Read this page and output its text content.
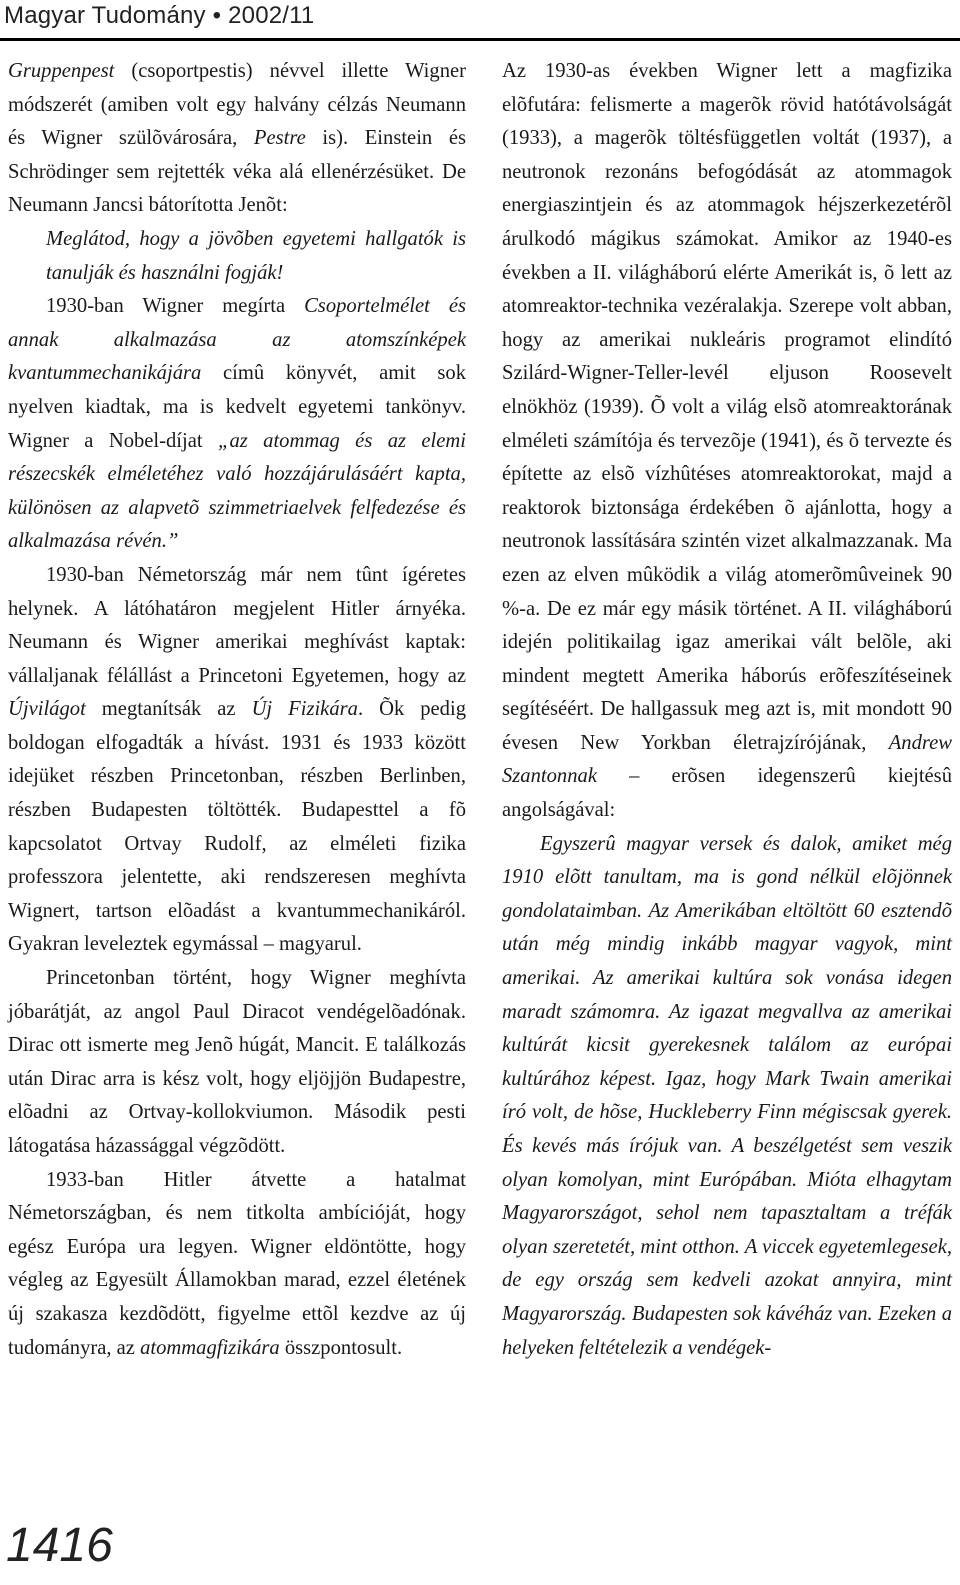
Magyar Tudomány • 2002/11

Gruppenpest (csoportpestis) névvel illette Wigner módszerét (amiben volt egy halvány célzás Neumann és Wigner szülõvárosára, Pestre is). Einstein és Schrödinger sem rejtették véka alá ellenérzésüket. De Neumann Jancsi bátorította Jenõt:

Meglátod, hogy a jövõben egyetemi hallgatók is tanulják és használni fogják!

1930-ban Wigner megírta Csoportelmélet és annak alkalmazása az atomszínképek kvantummechanikájára címû könyvét, amit sok nyelven kiadtak, ma is kedvelt egyetemi tankönyv. Wigner a Nobel-díjat „az atommag és az elemi részecskék elméletéhez való hozzájárulásáért kapta, különösen az alapvetõ szimmetriaelvek felfedezése és alkalmazása révén.”

1930-ban Németország már nem tûnt ígéretes helynek. A látóhatáron megjelent Hitler árnyéka. Neumann és Wigner amerikai meghívást kaptak: vállaljanak félállást a Princetoni Egyetemen, hogy az Újvilágot megtanítsák az Új Fizikára. Õk pedig boldogan elfogadták a hívást. 1931 és 1933 között idejüket részben Princetonban, részben Berlinben, részben Budapesten töltötték. Budapesttel a fõ kapcsolatot Ortvay Rudolf, az elméleti fizika professzora jelentette, aki rendszeresen meghívta Wignert, tartson elõadást a kvantummechanikáról. Gyakran leveleztek egymással – magyarul.

Princetonban történt, hogy Wigner meghívta jóbarátját, az angol Paul Diracot vendégelõadónak. Dirac ott ismerte meg Jenõ húgát, Mancit. E találkozás után Dirac arra is kész volt, hogy eljöjjön Budapestre, elõadni az Ortvay-kollokviumon. Második pesti látogatása házassággal végzõdött.

1933-ban Hitler átvette a hatalmat Németországban, és nem titkolta ambícióját, hogy egész Európa ura legyen. Wigner eldöntötte, hogy végleg az Egyesült Államokban marad, ezzel életének új szakasza kezdõdött, figyelme ettõl kezdve az új tudományra, az atommagfizikára összpontosult.

Az 1930-as években Wigner lett a magfizika elõfutára: felismerte a magerõk rövid hatótávolságát (1933), a magerõk töltésfüggetlen voltát (1937), a neutronok rezonáns befogódását az atommagok energiaszintjein és az atommagok héjszerkezetérõl árulkodó mágikus számokat. Amikor az 1940-es években a II. világháború elérte Amerikát is, õ lett az atomreaktor-technika vezéralakja. Szerepe volt abban, hogy az amerikai nukleáris programot elindító Szilárd-Wigner-Teller-levél eljuson Roosevelt elnökhöz (1939). Õ volt a világ elsõ atomreaktorának elméleti számítója és tervezõje (1941), és õ tervezte és építette az elsõ vízhûtéses atomreaktorokat, majd a reaktorok biztonsága érdekében õ ajánlotta, hogy a neutronok lassítására szintén vizet alkalmazzanak. Ma ezen az elven mûködik a világ atomerõmûveinek 90 %-a. De ez már egy másik történet. A II. világháború idején politikailag igaz amerikai vált belõle, aki mindent megtett Amerika háborús erõfeszítéseinek segítéséért. De hallgassuk meg azt is, mit mondott 90 évesen New Yorkban életrajzírójának, Andrew Szantonnak – erõsen idegenszerû kiejtésû angolságával:

Egyszerû magyar versek és dalok, amiket még 1910 elõtt tanultam, ma is gond nélkül elõjönnek gondolataimban. Az Amerikában eltöltött 60 esztendõ után még mindig inkább magyar vagyok, mint amerikai. Az amerikai kultúra sok vonása idegen maradt számomra. Az igazat megvallva az amerikai kultúrát kicsit gyerekesnek találom az európai kultúrához képest. Igaz, hogy Mark Twain amerikai író volt, de hõse, Huckleberry Finn mégiscsak gyerek. És kevés más írójuk van. A beszélgetést sem veszik olyan komolyan, mint Európában. Mióta elhagytam Magyarországot, sehol nem tapasztaltam a tréfák olyan szeretetét, mint otthon. A viccek egyetemlegesek, de egy ország sem kedveli azokat annyira, mint Magyarország. Budapesten sok kávéház van. Ezeken a helyeken feltételezik a vendégek-

1416
